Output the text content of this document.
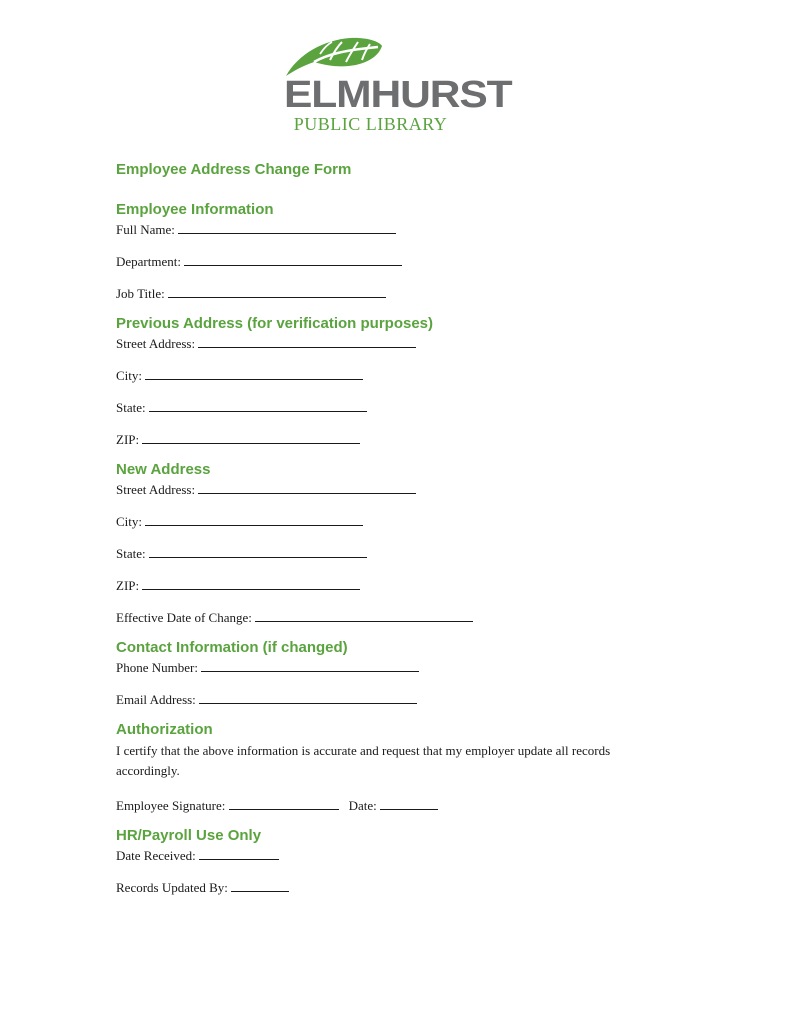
ELMHURST
PUBLIC LIBRARY

Employee Address Change Form

Employee Information

Full Name:

Department:

Job Title:

Previous Address (for verification purposes)

Street Address:

City:

State:

ZIP:

New Address

Street Address:

City:

State:

ZIP:

Effective Date of Change:

Contact Information (if changed)

Phone Number:

Email Address:

Authorization

I certify that the above information is accurate and request that my employer update all records accordingly.

Employee Signature:	Date:

HR/Payroll Use Only

Date Received:

Records Updated By:
